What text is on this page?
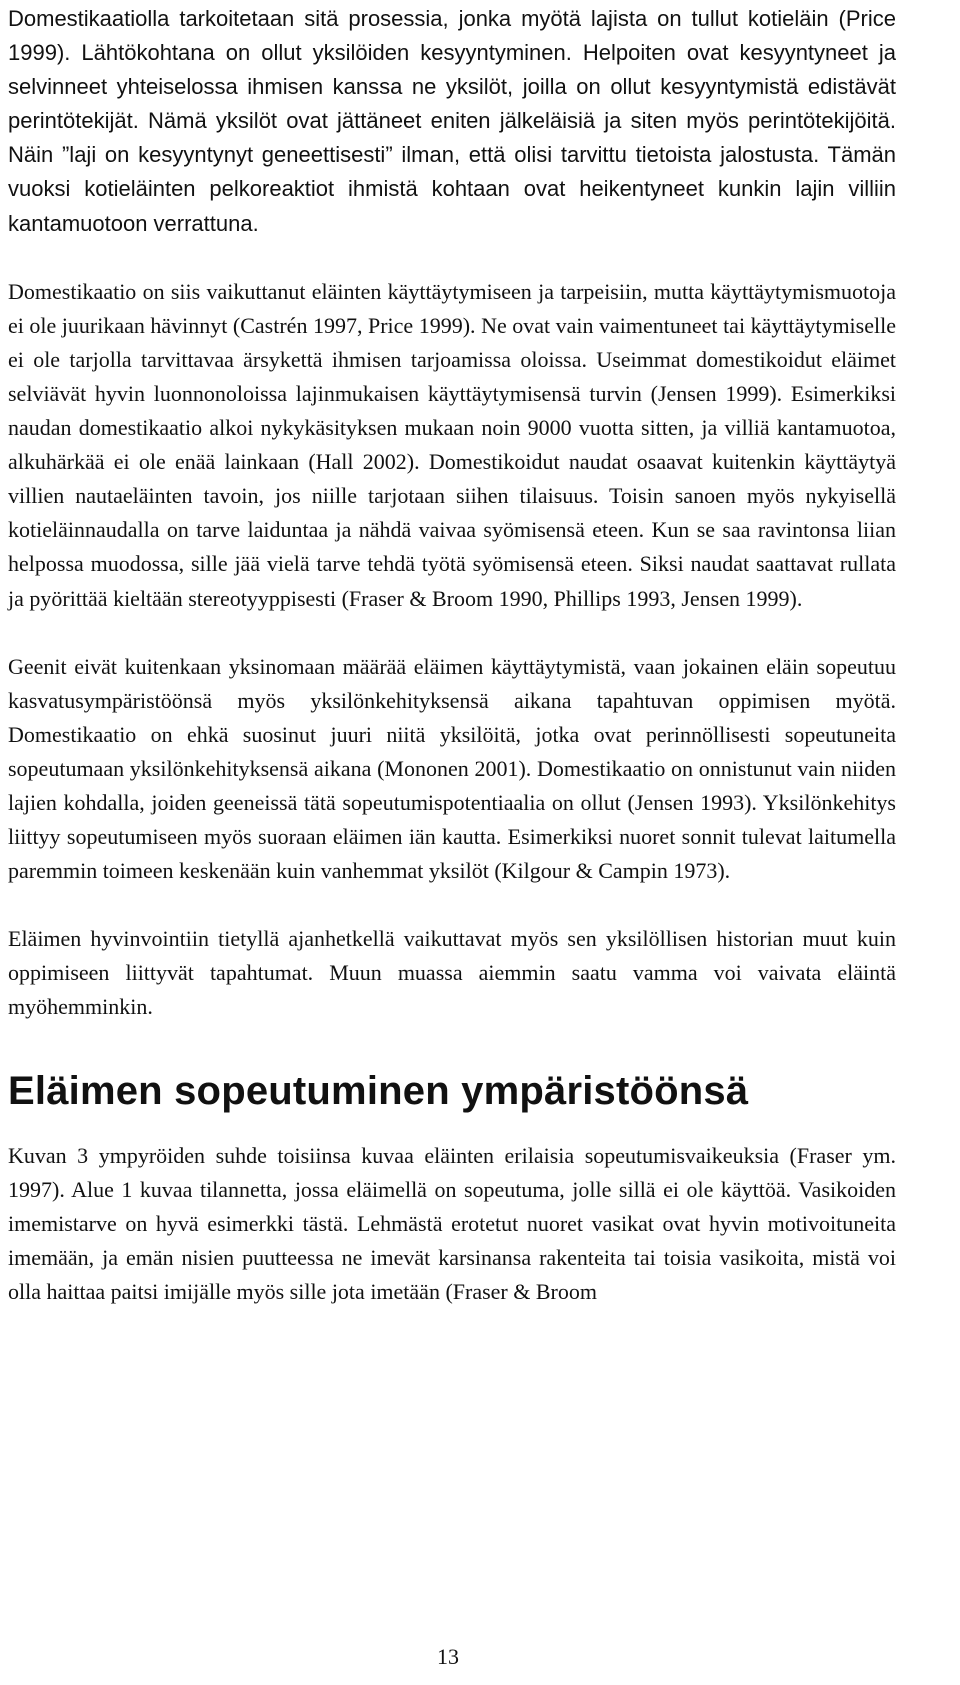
Domestikaatiolla tarkoitetaan sitä prosessia, jonka myötä lajista on tullut kotieläin (Price 1999). Lähtökohtana on ollut yksilöiden kesyyntyminen. Helpoiten ovat kesyyntyneet ja selvinneet yhteiselossa ihmisen kanssa ne yksilöt, joilla on ollut kesyyntymistä edistävät perintötekijät. Nämä yksilöt ovat jättäneet eniten jälkeläisiä ja siten myös perintötekijöitä. Näin ”laji on kesyyntynyt geneettisesti” ilman, että olisi tarvittu tietoista jalostusta. Tämän vuoksi kotieläinten pelkoreaktiot ihmistä kohtaan ovat heikentyneet kunkin lajin villiin kantamuotoon verrattuna.

Domestikaatio on siis vaikuttanut eläinten käyttäytymiseen ja tarpeisiin, mutta käyttäytymismuotoja ei ole juurikaan hävinnyt (Castrén 1997, Price 1999). Ne ovat vain vaimentuneet tai käyttäytymiselle ei ole tarjolla tarvittavaa ärsykettä ihmisen tarjoamissa oloissa. Useimmat domestikoidut eläimet selviävät hyvin luonnonoloissa lajinmukaisen käyttäytymisensä turvin (Jensen 1999). Esimerkiksi naudan domestikaatio alkoi nykykäsityksen mukaan noin 9000 vuotta sitten, ja villiä kantamuotoa, alkuhärkää ei ole enää lainkaan (Hall 2002). Domestikoidut naudat osaavat kuitenkin käyttäytyä villien nautaeläinten tavoin, jos niille tarjotaan siihen tilaisuus. Toisin sanoen myös nykyisellä kotieläinnaudalla on tarve laiduntaa ja nähdä vaivaa syömisensä eteen. Kun se saa ravintonsa liian helpossa muodossa, sille jää vielä tarve tehdä työtä syömisensä eteen. Siksi naudat saattavat rullata ja pyörittää kieltään stereotyyppisesti (Fraser & Broom 1990, Phillips 1993, Jensen 1999).

Geenit eivät kuitenkaan yksinomaan määrää eläimen käyttäytymistä, vaan jokainen eläin sopeutuu kasvatusympäristöönsä myös yksilönkehityksensä aikana tapahtuvan oppimisen myötä. Domestikaatio on ehkä suosinut juuri niitä yksilöitä, jotka ovat perinnöllisesti sopeutuneita sopeutumaan yksilönkehityksensä aikana (Mononen 2001). Domestikaatio on onnistunut vain niiden lajien kohdalla, joiden geeneissä tätä sopeutumispotentiaalia on ollut (Jensen 1993). Yksilönkehitys liittyy sopeutumiseen myös suoraan eläimen iän kautta. Esimerkiksi nuoret sonnit tulevat laitumella paremmin toimeen keskenään kuin vanhemmat yksilöt (Kilgour & Campin 1973).

Eläimen hyvinvointiin tietyllä ajanhetkellä vaikuttavat myös sen yksilöllisen historian muut kuin oppimiseen liittyvät tapahtumat. Muun muassa aiemmin saatu vamma voi vaivata eläintä myöhemminkin.

Eläimen sopeutuminen ympäristöönsä

Kuvan 3 ympyröiden suhde toisiinsa kuvaa eläinten erilaisia sopeutumisvaikeuksia (Fraser ym. 1997). Alue 1 kuvaa tilannetta, jossa eläimellä on sopeutuma, jolle sillä ei ole käyttöä. Vasikoiden imemistarve on hyvä esimerkki tästä. Lehmästä erotetut nuoret vasikat ovat hyvin motivoituneita imemään, ja emän nisien puutteessa ne imevät karsinansa rakenteita tai toisia vasikoita, mistä voi olla haittaa paitsi imijälle myös sille jota imetään (Fraser & Broom

13
